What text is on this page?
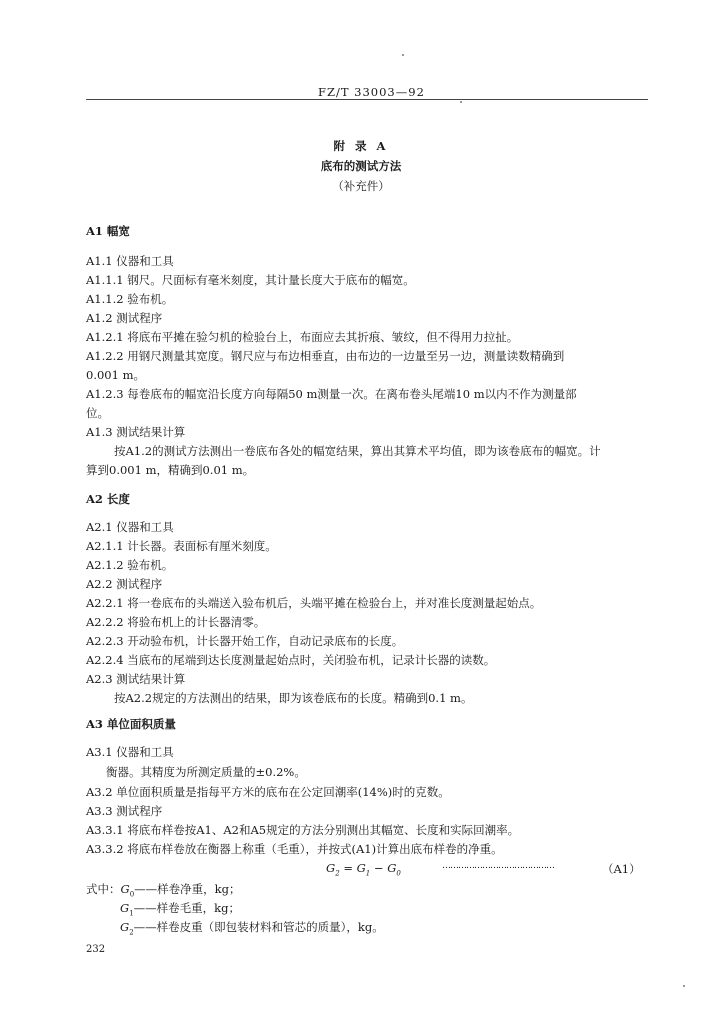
FZ/T 33003—92
附 录 A
底布的测试方法
（补充件）
A1 幅宽
A1.1 仪器和工具
A1.1.1 钢尺。尺面标有毫米刻度，其计量长度大于底布的幅宽。
A1.1.2 验布机。
A1.2 测试程序
A1.2.1 将底布平摊在验匀机的检验台上，布面应去其折痕、皱纹，但不得用力拉扯。
A1.2.2 用钢尺测量其宽度。钢尺应与布边相垂直，由布边的一边量至另一边，测量读数精确到
0.001 m。
A1.2.3 每卷底布的幅宽沿长度方向每隔50 m测量一次。在离布卷头尾端10 m以内不作为测量部
位。
A1.3 测试结果计算
按A1.2的测试方法测出一卷底布各处的幅宽结果，算出其算术平均值，即为该卷底布的幅宽。计
算到0.001 m，精确到0.01 m。
A2 长度
A2.1 仪器和工具
A2.1.1 计长器。表面标有厘米刻度。
A2.1.2 验布机。
A2.2 测试程序
A2.2.1 将一卷底布的头端送入验布机后，头端平摊在检验台上，并对准长度测量起始点。
A2.2.2 将验布机上的计长器清零。
A2.2.3 开动验布机，计长器开始工作，自动记录底布的长度。
A2.2.4 当底布的尾端到达长度测量起始点时，关闭验布机，记录计长器的读数。
A2.3 测试结果计算
按A2.2规定的方法测出的结果，即为该卷底布的长度。精确到0.1 m。
A3 单位面积质量
A3.1 仪器和工具
衡器。其精度为所测定质量的±0.2%。
A3.2 单位面积质量是指每平方米的底布在公定回潮率(14%)时的克数。
A3.3 测试程序
A3.3.1 将底布样卷按A1、A2和A5规定的方法分别测出其幅宽、长度和实际回潮率。
A3.3.2 将底布样卷放在衡器上称重（毛重），并按式(A1)计算出底布样卷的净重。
$G_2 = G_1 - G_0$
……………………………………	（A1）
式中：$G_0——$样卷净重，kg；
$G_1——$样卷毛重，kg；
$G_2——$样卷皮重（即包装材料和管芯的质量），kg。
232
